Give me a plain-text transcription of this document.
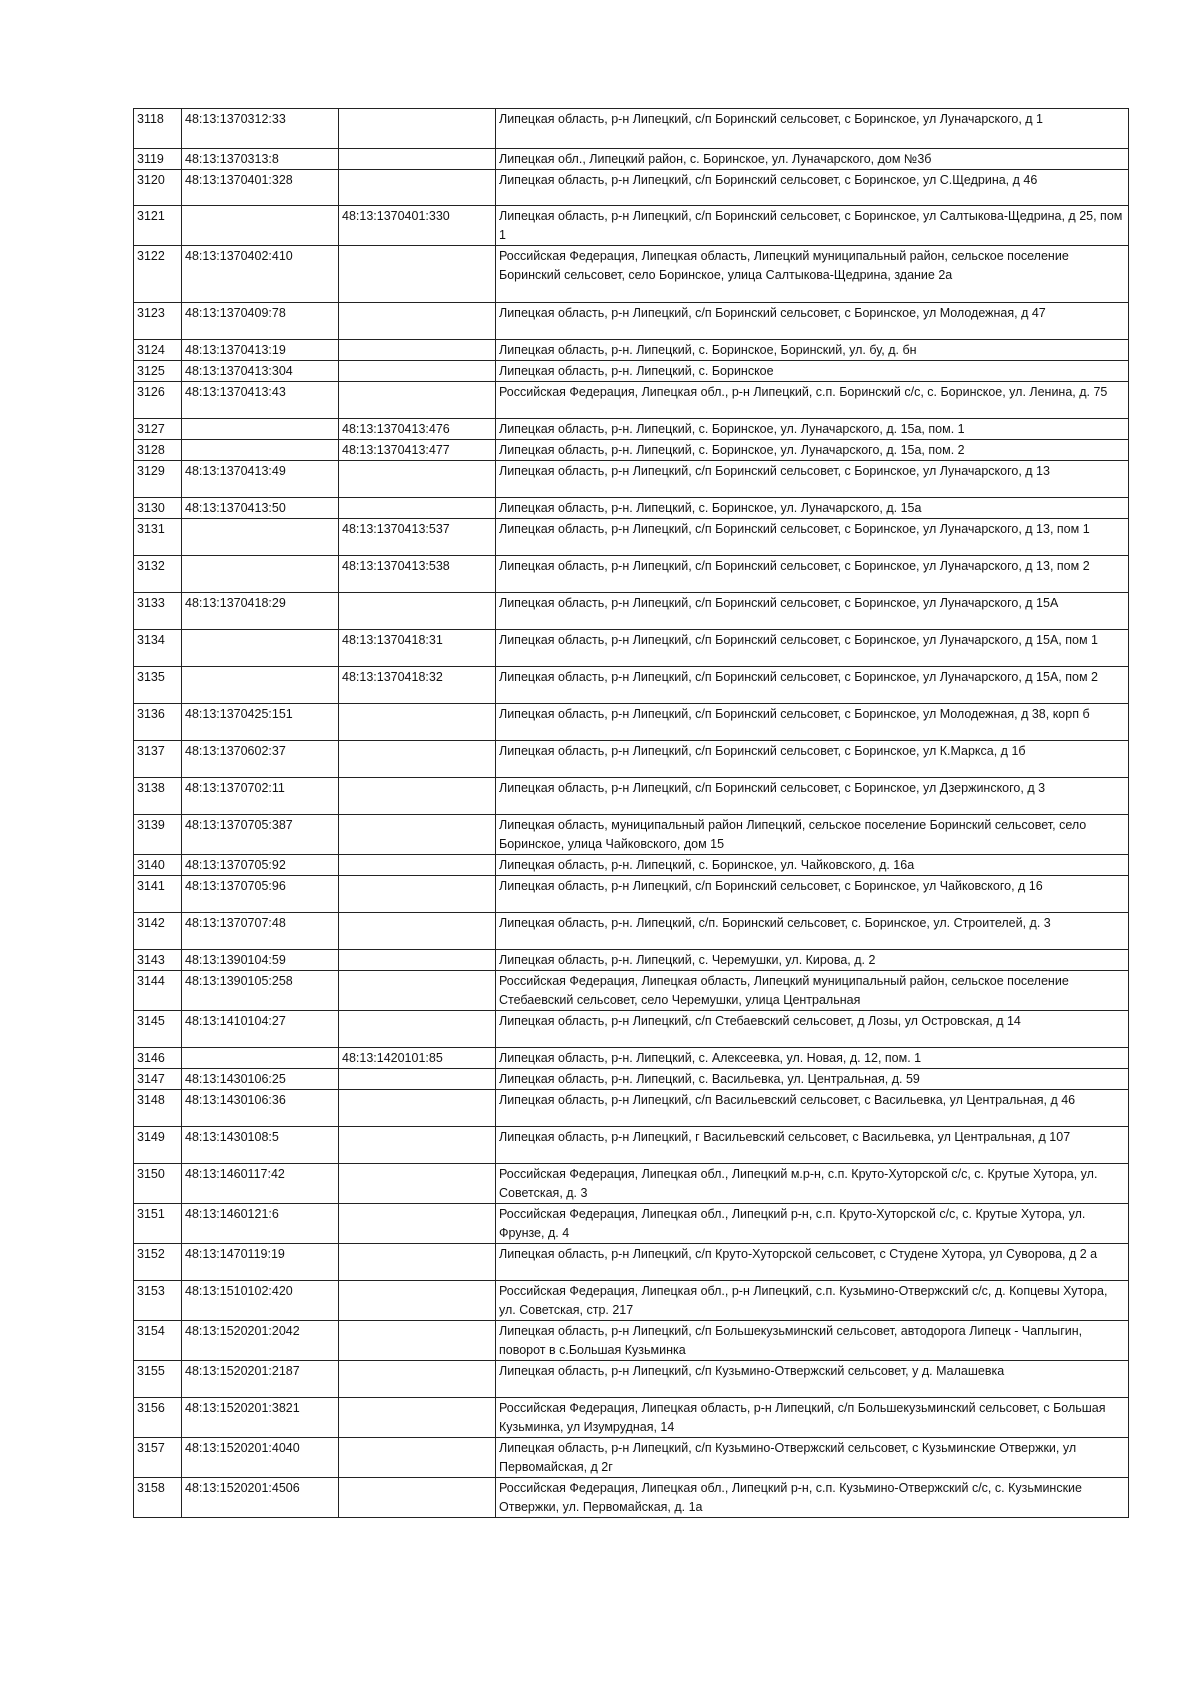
3118	48:13:1370312:33		Липецкая область, р-н Липецкий, с/п Боринский сельсовет, с Боринское, ул Луначарского, д 1
3119	48:13:1370313:8		Липецкая обл., Липецкий район, с. Боринское, ул. Луначарского, дом №3б
3120	48:13:1370401:328		Липецкая область, р-н Липецкий, с/п Боринский сельсовет, с Боринское, ул С.Щедрина, д 46
3121		48:13:1370401:330	Липецкая область, р-н Липецкий, с/п Боринский сельсовет, с Боринское, ул Салтыкова-Щедрина, д 25, пом 1
3122	48:13:1370402:410		Российская Федерация, Липецкая область, Липецкий муниципальный район, сельское поселение Боринский сельсовет, село Боринское, улица Салтыкова-Щедрина, здание 2а
3123	48:13:1370409:78		Липецкая область, р-н Липецкий, с/п Боринский сельсовет, с Боринское, ул Молодежная, д 47
3124	48:13:1370413:19		Липецкая область, р-н. Липецкий, с. Боринское, Боринский, ул. бу, д. бн
3125	48:13:1370413:304		Липецкая область, р-н. Липецкий, с. Боринское
3126	48:13:1370413:43		Российская Федерация, Липецкая обл., р-н Липецкий, с.п. Боринский с/с, с. Боринское, ул. Ленина, д. 75
3127		48:13:1370413:476	Липецкая область, р-н. Липецкий, с. Боринское, ул. Луначарского, д. 15а, пом. 1
3128		48:13:1370413:477	Липецкая область, р-н. Липецкий, с. Боринское, ул. Луначарского, д. 15а, пом. 2
3129	48:13:1370413:49		Липецкая область, р-н Липецкий, с/п Боринский сельсовет, с Боринское, ул Луначарского, д 13
3130	48:13:1370413:50		Липецкая область, р-н. Липецкий, с. Боринское, ул. Луначарского, д. 15а
3131		48:13:1370413:537	Липецкая область, р-н Липецкий, с/п Боринский сельсовет, с Боринское, ул Луначарского, д 13, пом 1
3132		48:13:1370413:538	Липецкая область, р-н Липецкий, с/п Боринский сельсовет, с Боринское, ул Луначарского, д 13, пом 2
3133	48:13:1370418:29		Липецкая область, р-н Липецкий, с/п Боринский сельсовет, с Боринское, ул Луначарского, д 15А
3134		48:13:1370418:31	Липецкая область, р-н Липецкий, с/п Боринский сельсовет, с Боринское, ул Луначарского, д 15А, пом 1
3135		48:13:1370418:32	Липецкая область, р-н Липецкий, с/п Боринский сельсовет, с Боринское, ул Луначарского, д 15А, пом 2
3136	48:13:1370425:151		Липецкая область, р-н Липецкий, с/п Боринский сельсовет, с Боринское, ул Молодежная, д 38, корп б
3137	48:13:1370602:37		Липецкая область, р-н Липецкий, с/п Боринский сельсовет, с Боринское, ул К.Маркса, д 1б
3138	48:13:1370702:11		Липецкая область, р-н Липецкий, с/п Боринский сельсовет, с Боринское, ул Дзержинского, д 3
3139	48:13:1370705:387		Липецкая область, муниципальный район Липецкий, сельское поселение Боринский сельсовет, село Боринское, улица Чайковского, дом 15
3140	48:13:1370705:92		Липецкая область, р-н. Липецкий, с. Боринское, ул. Чайковского, д. 16а
3141	48:13:1370705:96		Липецкая область, р-н Липецкий, с/п Боринский сельсовет, с Боринское, ул Чайковского, д 16
3142	48:13:1370707:48		Липецкая область, р-н. Липецкий, с/п. Боринский сельсовет, с. Боринское, ул. Строителей, д. 3
3143	48:13:1390104:59		Липецкая область, р-н. Липецкий, с. Черемушки, ул. Кирова, д. 2
3144	48:13:1390105:258		Российская Федерация, Липецкая область, Липецкий муниципальный район, сельское поселение Стебаевский сельсовет, село Черемушки, улица Центральная
3145	48:13:1410104:27		Липецкая область, р-н Липецкий, с/п Стебаевский сельсовет, д Лозы, ул Островская, д 14
3146		48:13:1420101:85	Липецкая область, р-н. Липецкий, с. Алексеевка, ул. Новая, д. 12, пом. 1
3147	48:13:1430106:25		Липецкая область, р-н. Липецкий, с. Васильевка, ул. Центральная, д. 59
3148	48:13:1430106:36		Липецкая область, р-н Липецкий, с/п Васильевский сельсовет, с Васильевка, ул Центральная, д 46
3149	48:13:1430108:5		Липецкая область, р-н Липецкий, г Васильевский сельсовет, с Васильевка, ул Центральная, д 107
3150	48:13:1460117:42		Российская Федерация, Липецкая обл., Липецкий м.р-н, с.п. Круто-Хуторской с/с, с. Крутые Хутора, ул. Советская, д. 3
3151	48:13:1460121:6		Российская Федерация, Липецкая обл., Липецкий р-н, с.п. Круто-Хуторской с/с, с. Крутые Хутора, ул. Фрунзе, д. 4
3152	48:13:1470119:19		Липецкая область, р-н Липецкий, с/п Круто-Хуторской сельсовет, с Студене Хутора, ул Суворова, д 2 а
3153	48:13:1510102:420		Российская Федерация, Липецкая обл., р-н Липецкий, с.п. Кузьмино-Отвержский с/с, д. Копцевы Хутора, ул. Советская, стр. 217
3154	48:13:1520201:2042		Липецкая область, р-н Липецкий, с/п Большекузьминский сельсовет, автодорога Липецк - Чаплыгин, поворот в с.Большая Кузьминка
3155	48:13:1520201:2187		Липецкая область, р-н Липецкий, с/п Кузьмино-Отвержский сельсовет, у д. Малашевка
3156	48:13:1520201:3821		Российская Федерация, Липецкая область, р-н Липецкий, с/п Большекузьминский сельсовет, с Большая Кузьминка, ул Изумрудная, 14
3157	48:13:1520201:4040		Липецкая область, р-н Липецкий, с/п Кузьмино-Отвержский сельсовет, с Кузьминские Отвержки, ул Первомайская, д 2г
3158	48:13:1520201:4506		Российская Федерация, Липецкая обл., Липецкий р-н, с.п. Кузьмино-Отвержский с/с, с. Кузьминские Отвержки, ул. Первомайская, д. 1а
